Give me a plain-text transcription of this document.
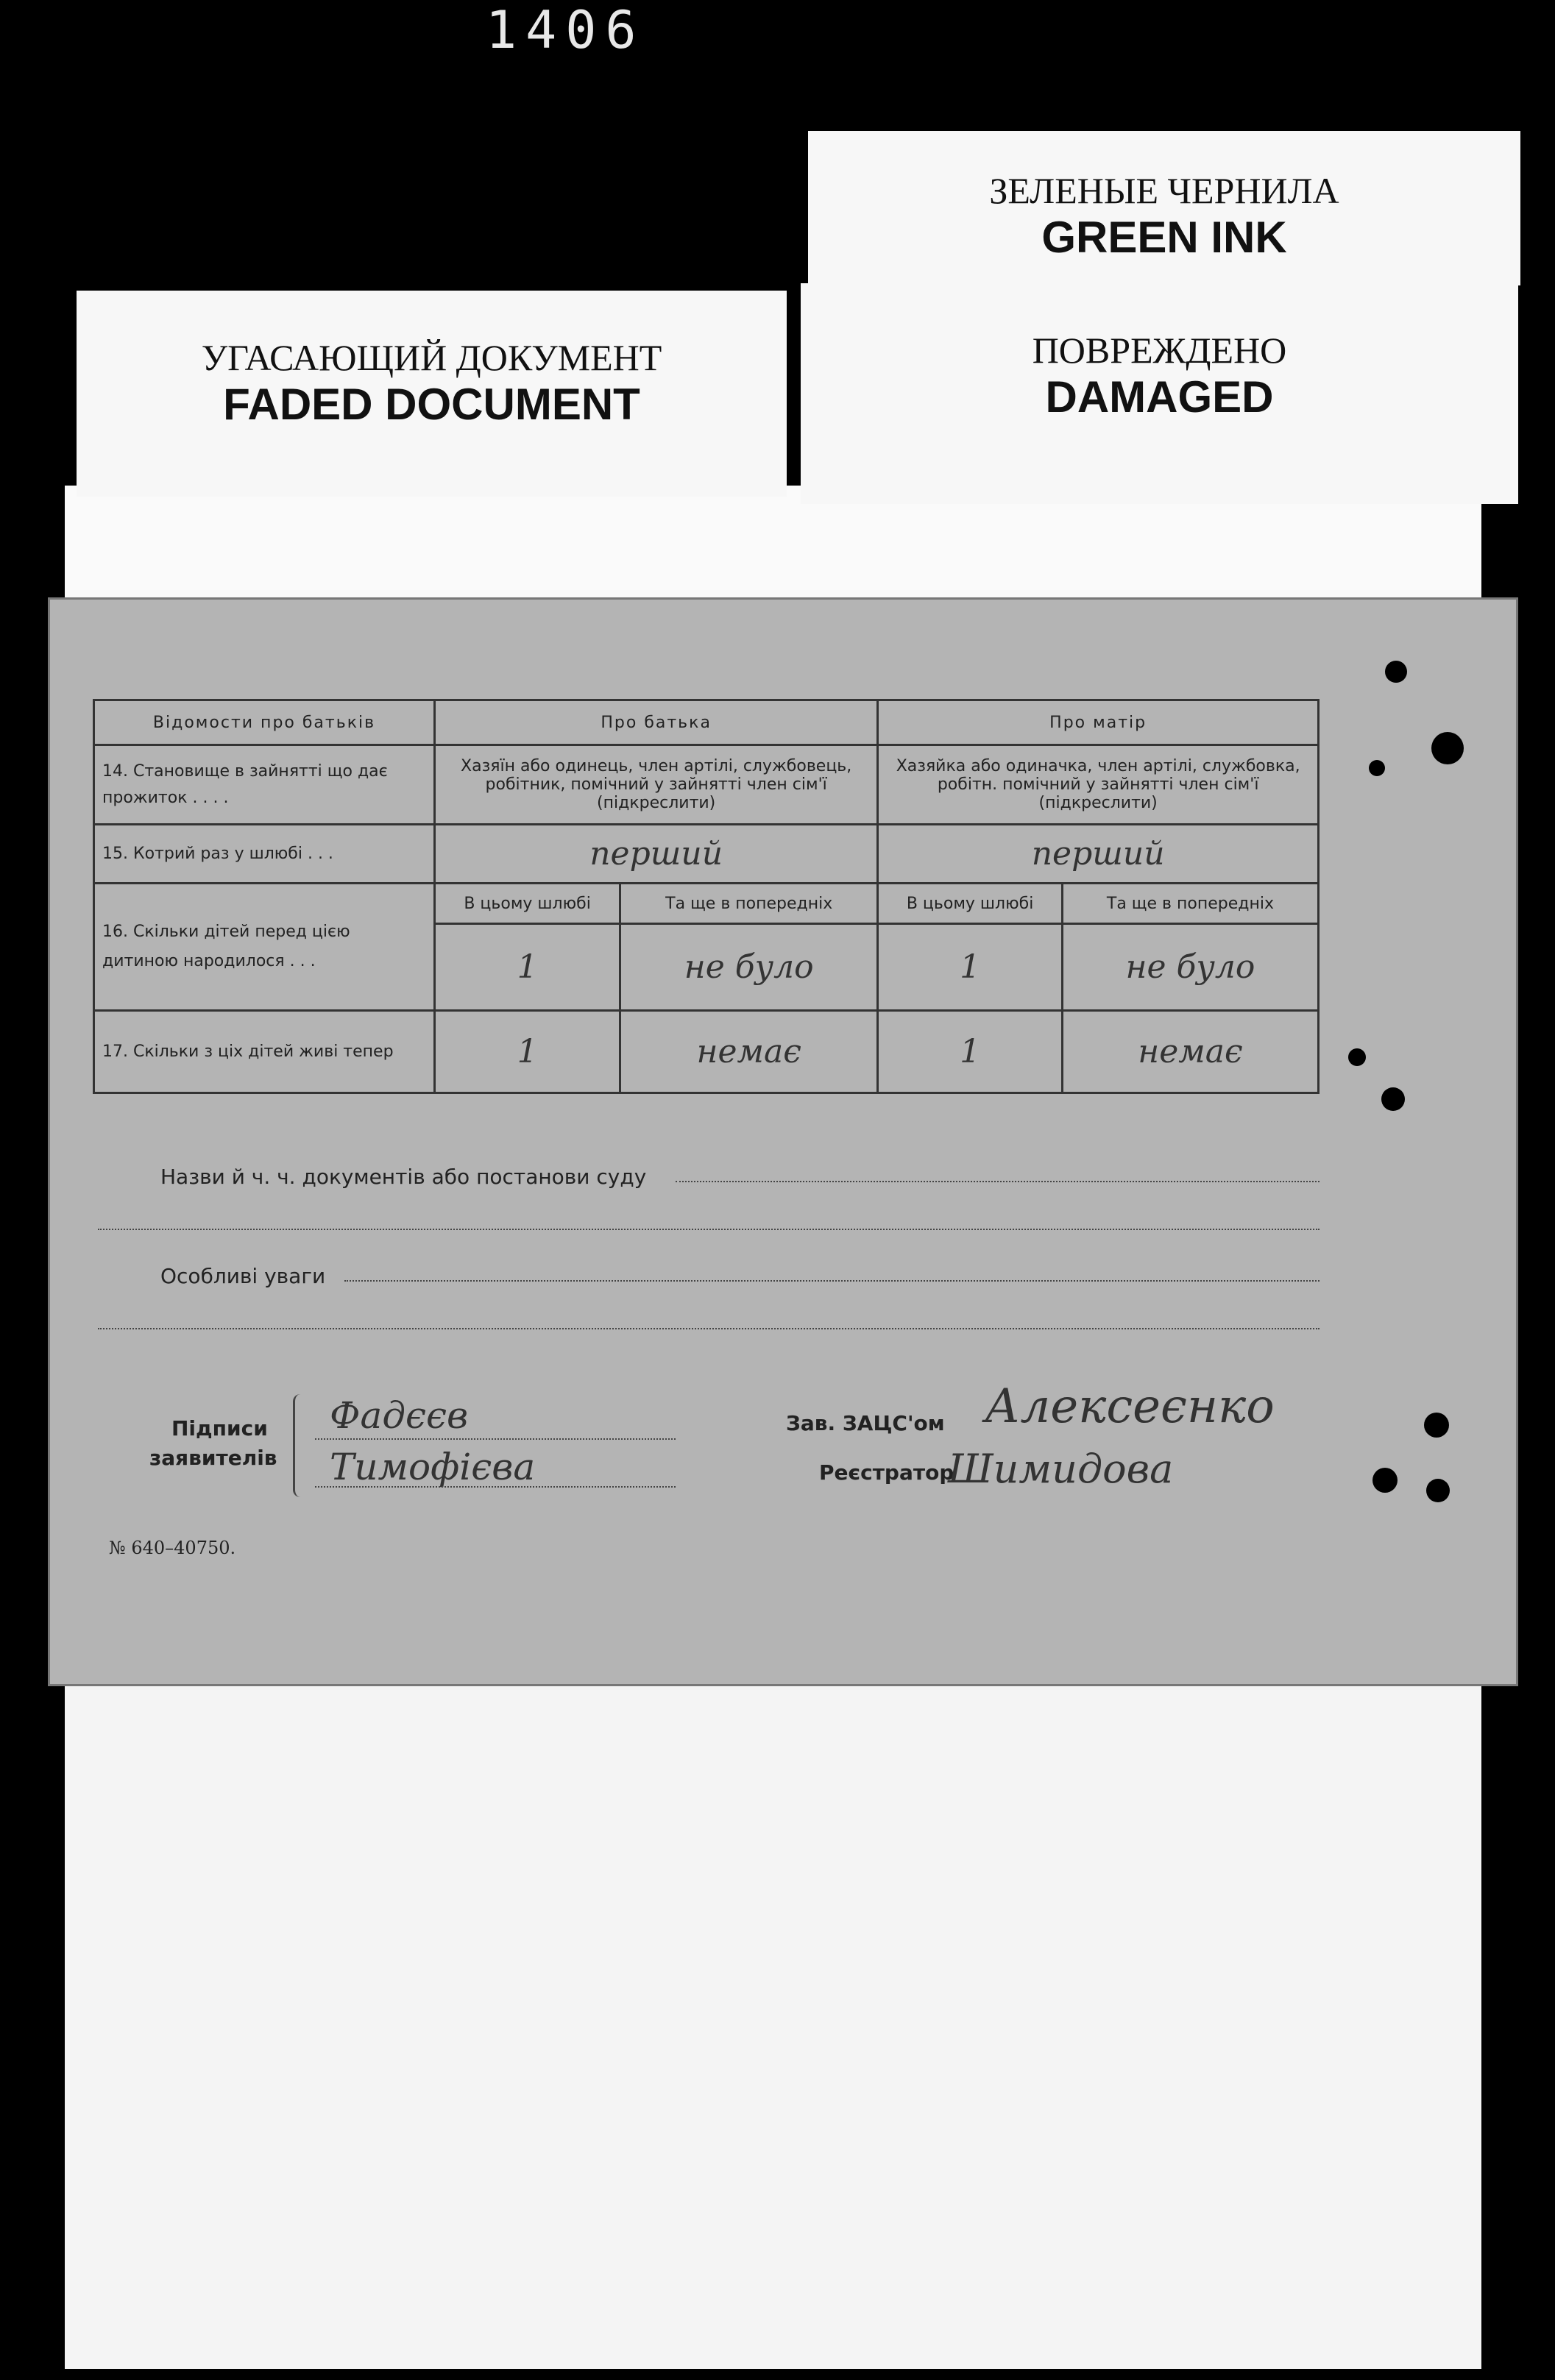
1406
ЗЕЛЕНЫЕ ЧЕРНИЛА
GREEN INK
УГАСАЮЩИЙ ДОКУМЕНТ
FADED DOCUMENT
ПОВРЕЖДЕНО
DAMAGED
Відомости про батьків	Про батька		Про матір	
14. Становище в зайнятті що дає прожиток . . . .	Хазяїн або одинець, член артілі, службовець, робітник, помічний у зайнятті член сім'ї (підкреслити)		Хазяйка або одиначка, член артілі, службовка, робітн. помічний у зайнятті член сім'ї (підкреслити)	
15. Котрий раз у шлюбі . . .	перший		перший	
16. Скільки дітей перед цією дитиною народилося . . .	В цьому шлюбі	Та ще в попередніх	В цьому шлюбі	Та ще в попередніх
	1	не було	1	не було
17. Скільки з ціх дітей живі тепер	1	немає	1	немає
Назви й ч. ч. документів або постанови суду
Особливі уваги
Підписи
заявителів
Фадєєв
Тимофієва
Зав. ЗАЦС'ом Алексеєнко
Реєстратор
Шимидова
№ 640–40750.
